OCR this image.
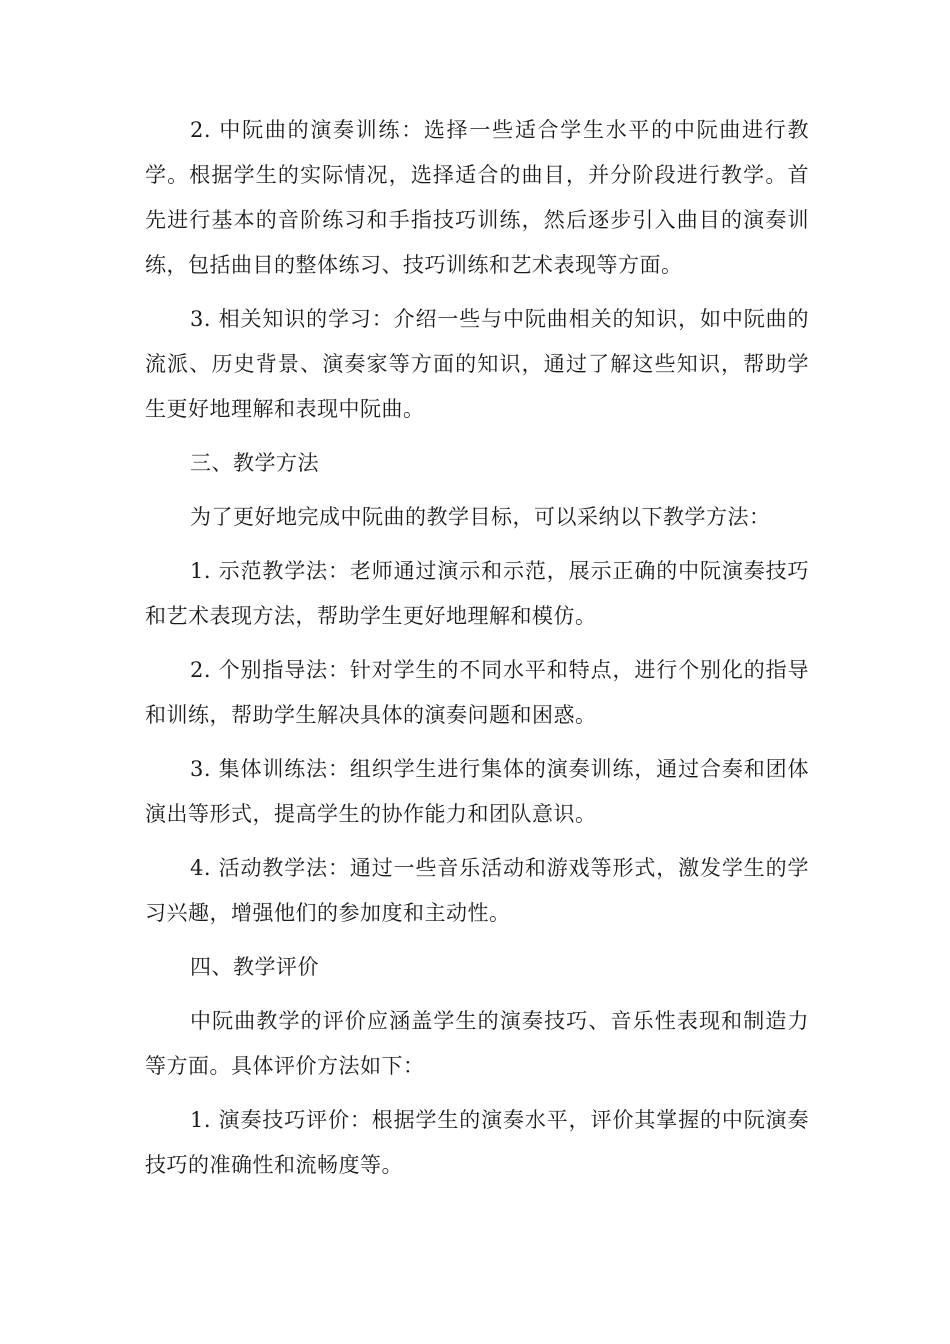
2. 中阮曲的演奏训练：选择一些适合学生水平的中阮曲进行教学。根据学生的实际情况，选择适合的曲目，并分阶段进行教学。首先进行基本的音阶练习和手指技巧训练，然后逐步引入曲目的演奏训练，包括曲目的整体练习、技巧训练和艺术表现等方面。

3. 相关知识的学习：介绍一些与中阮曲相关的知识，如中阮曲的流派、历史背景、演奏家等方面的知识，通过了解这些知识，帮助学生更好地理解和表现中阮曲。

三、教学方法

为了更好地完成中阮曲的教学目标，可以采纳以下教学方法：

1. 示范教学法：老师通过演示和示范，展示正确的中阮演奏技巧和艺术表现方法，帮助学生更好地理解和模仿。

2. 个别指导法：针对学生的不同水平和特点，进行个别化的指导和训练，帮助学生解决具体的演奏问题和困惑。

3. 集体训练法：组织学生进行集体的演奏训练，通过合奏和团体演出等形式，提高学生的协作能力和团队意识。

4. 活动教学法：通过一些音乐活动和游戏等形式，激发学生的学习兴趣，增强他们的参加度和主动性。

四、教学评价

中阮曲教学的评价应涵盖学生的演奏技巧、音乐性表现和制造力等方面。具体评价方法如下：

1. 演奏技巧评价：根据学生的演奏水平，评价其掌握的中阮演奏技巧的准确性和流畅度等。
